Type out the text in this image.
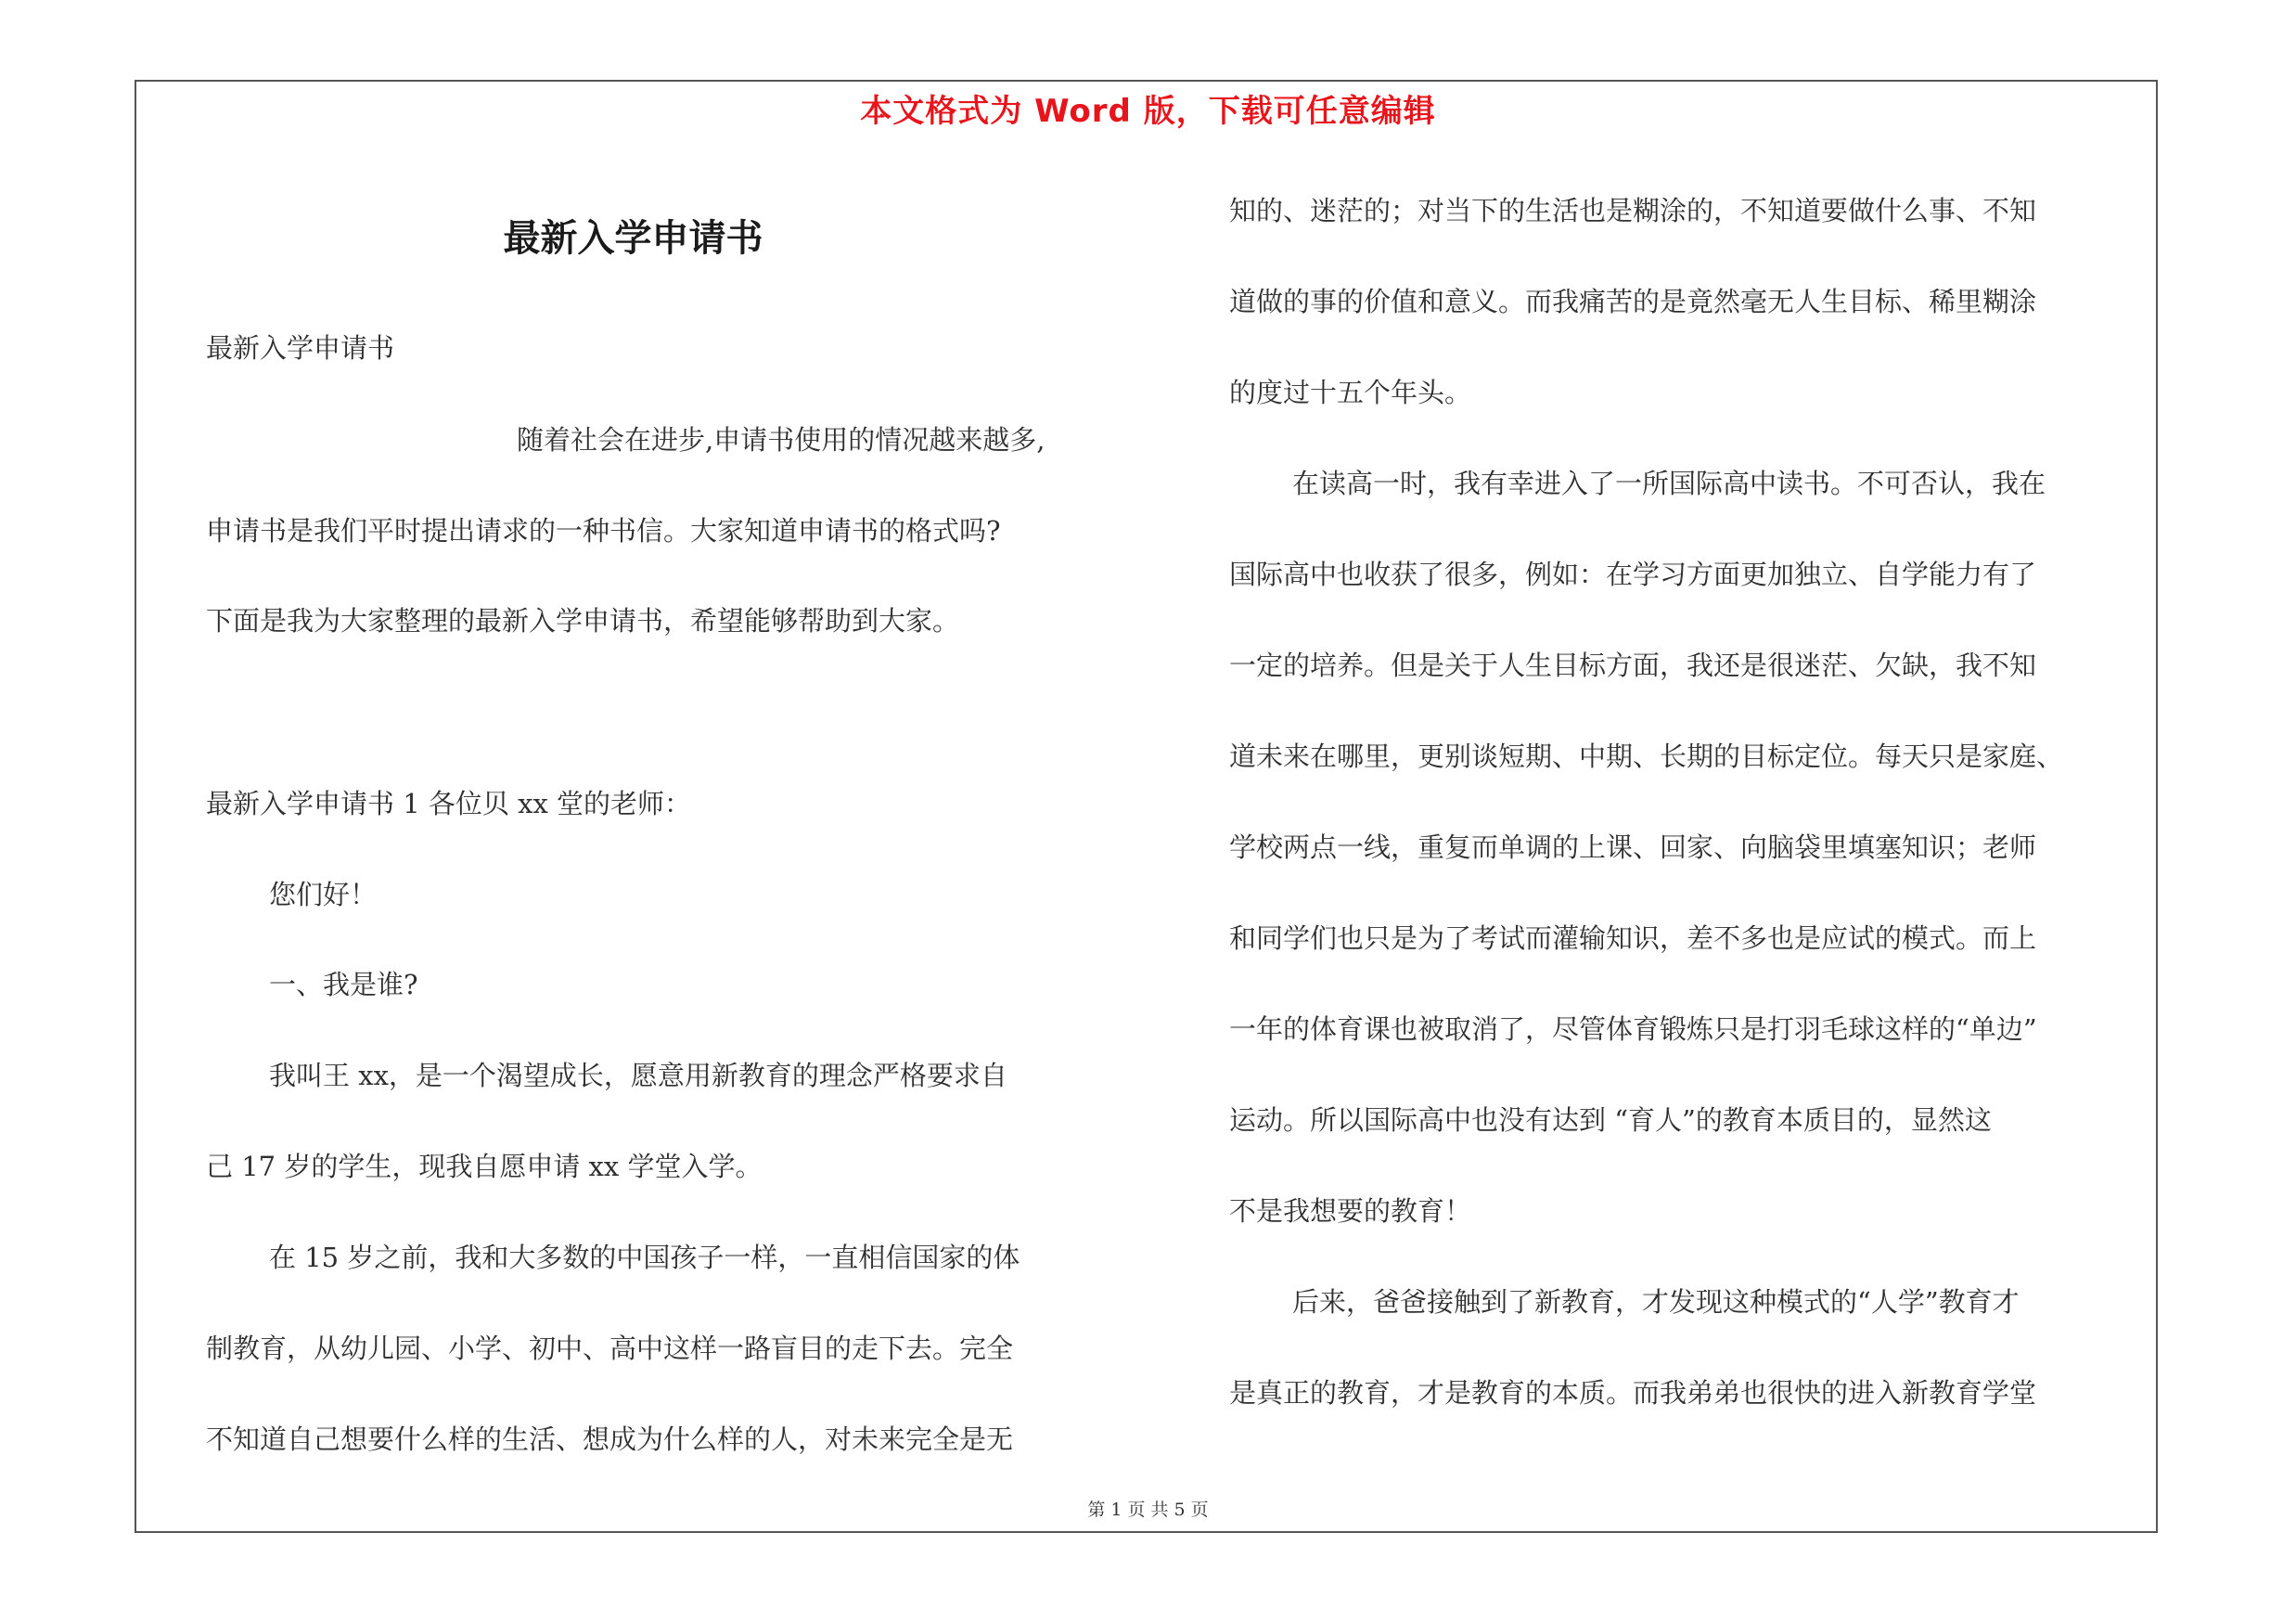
本文格式为 Word 版，下载可任意编辑
最新入学申请书
最新入学申请书
随着社会在进步,申请书使用的情况越来越多,
申请书是我们平时提出请求的一种书信。大家知道申请书的格式吗?
下面是我为大家整理的最新入学申请书，希望能够帮助到大家。
最新入学申请书 1 各位贝 xx 堂的老师：
您们好！
一、我是谁?
我叫王 xx，是一个渴望成长，愿意用新教育的理念严格要求自
己 17 岁的学生，现我自愿申请 xx 学堂入学。
在 15 岁之前，我和大多数的中国孩子一样，一直相信国家的体
制教育，从幼儿园、小学、初中、高中这样一路盲目的走下去。完全
不知道自己想要什么样的生活、想成为什么样的人，对未来完全是无
知的、迷茫的；对当下的生活也是糊涂的，不知道要做什么事、不知
道做的事的价值和意义。而我痛苦的是竟然毫无人生目标、稀里糊涂
的度过十五个年头。
在读高一时，我有幸进入了一所国际高中读书。不可否认，我在
国际高中也收获了很多，例如：在学习方面更加独立、自学能力有了
一定的培养。但是关于人生目标方面，我还是很迷茫、欠缺，我不知
道未来在哪里，更别谈短期、中期、长期的目标定位。每天只是家庭、
学校两点一线，重复而单调的上课、回家、向脑袋里填塞知识；老师
和同学们也只是为了考试而灌输知识，差不多也是应试的模式。而上
一年的体育课也被取消了，尽管体育锻炼只是打羽毛球这样的“单边”
运动。所以国际高中也没有达到 “育人”的教育本质目的，显然这
不是我想要的教育！
后来，爸爸接触到了新教育，才发现这种模式的“人学”教育才
是真正的教育，才是教育的本质。而我弟弟也很快的进入新教育学堂
第 1 页 共 5 页
